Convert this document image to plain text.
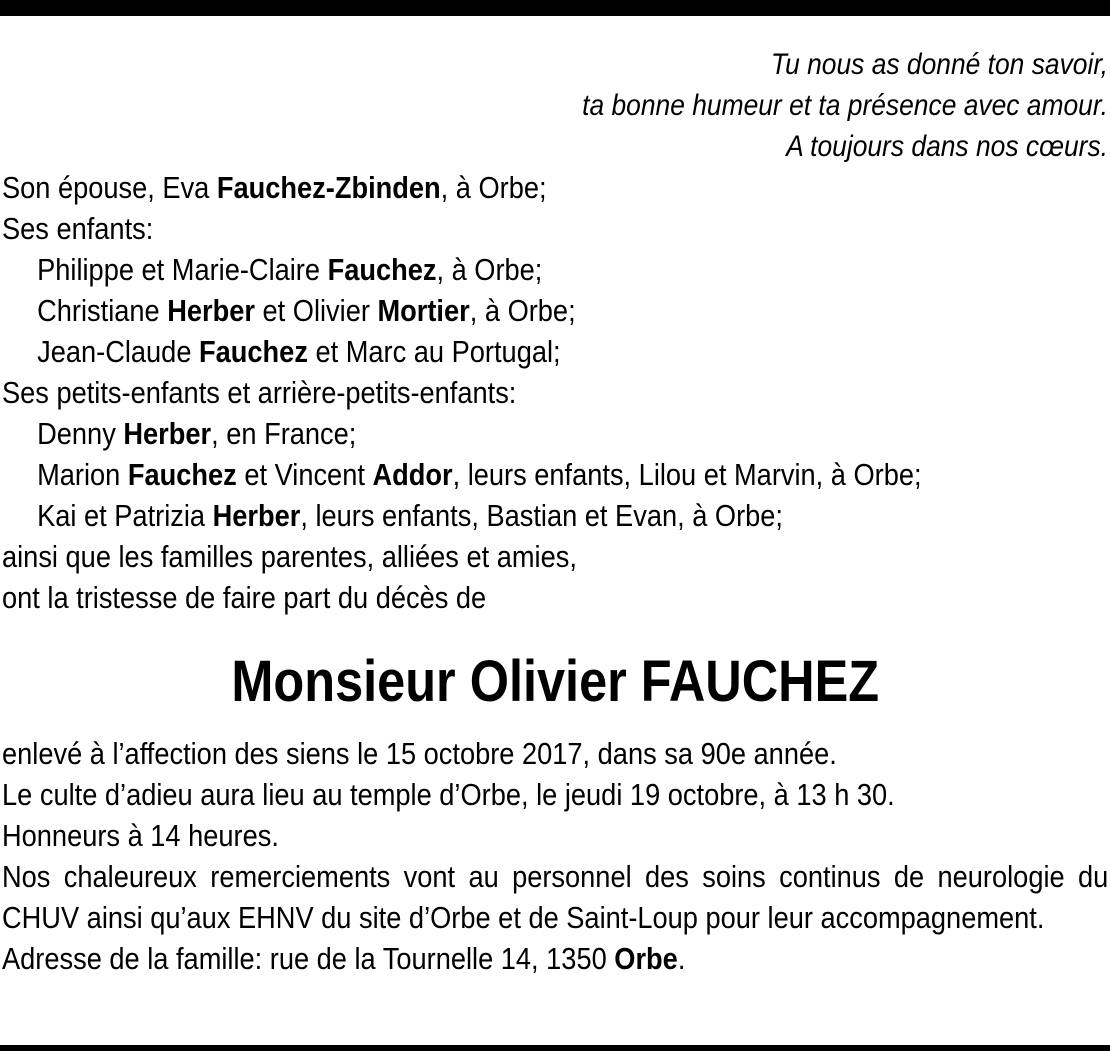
Tu nous as donné ton savoir,
ta bonne humeur et ta présence avec amour.
A toujours dans nos cœurs.
Son épouse, Eva Fauchez-Zbinden, à Orbe;
Ses enfants:
Philippe et Marie-Claire Fauchez, à Orbe;
Christiane Herber et Olivier Mortier, à Orbe;
Jean-Claude Fauchez et Marc au Portugal;
Ses petits-enfants et arrière-petits-enfants:
Denny Herber, en France;
Marion Fauchez et Vincent Addor, leurs enfants, Lilou et Marvin, à Orbe;
Kai et Patrizia Herber, leurs enfants, Bastian et Evan, à Orbe;
ainsi que les familles parentes, alliées et amies,
ont la tristesse de faire part du décès de
Monsieur Olivier FAUCHEZ
enlevé à l’affection des siens le 15 octobre 2017, dans sa 90e année.
Le culte d’adieu aura lieu au temple d’Orbe, le jeudi 19 octobre, à 13 h 30.
Honneurs à 14 heures.
Nos chaleureux remerciements vont au personnel des soins continus de neurologie du CHUV ainsi qu’aux EHNV du site d’Orbe et de Saint-Loup pour leur accompagnement.
Adresse de la famille: rue de la Tournelle 14, 1350 Orbe.
